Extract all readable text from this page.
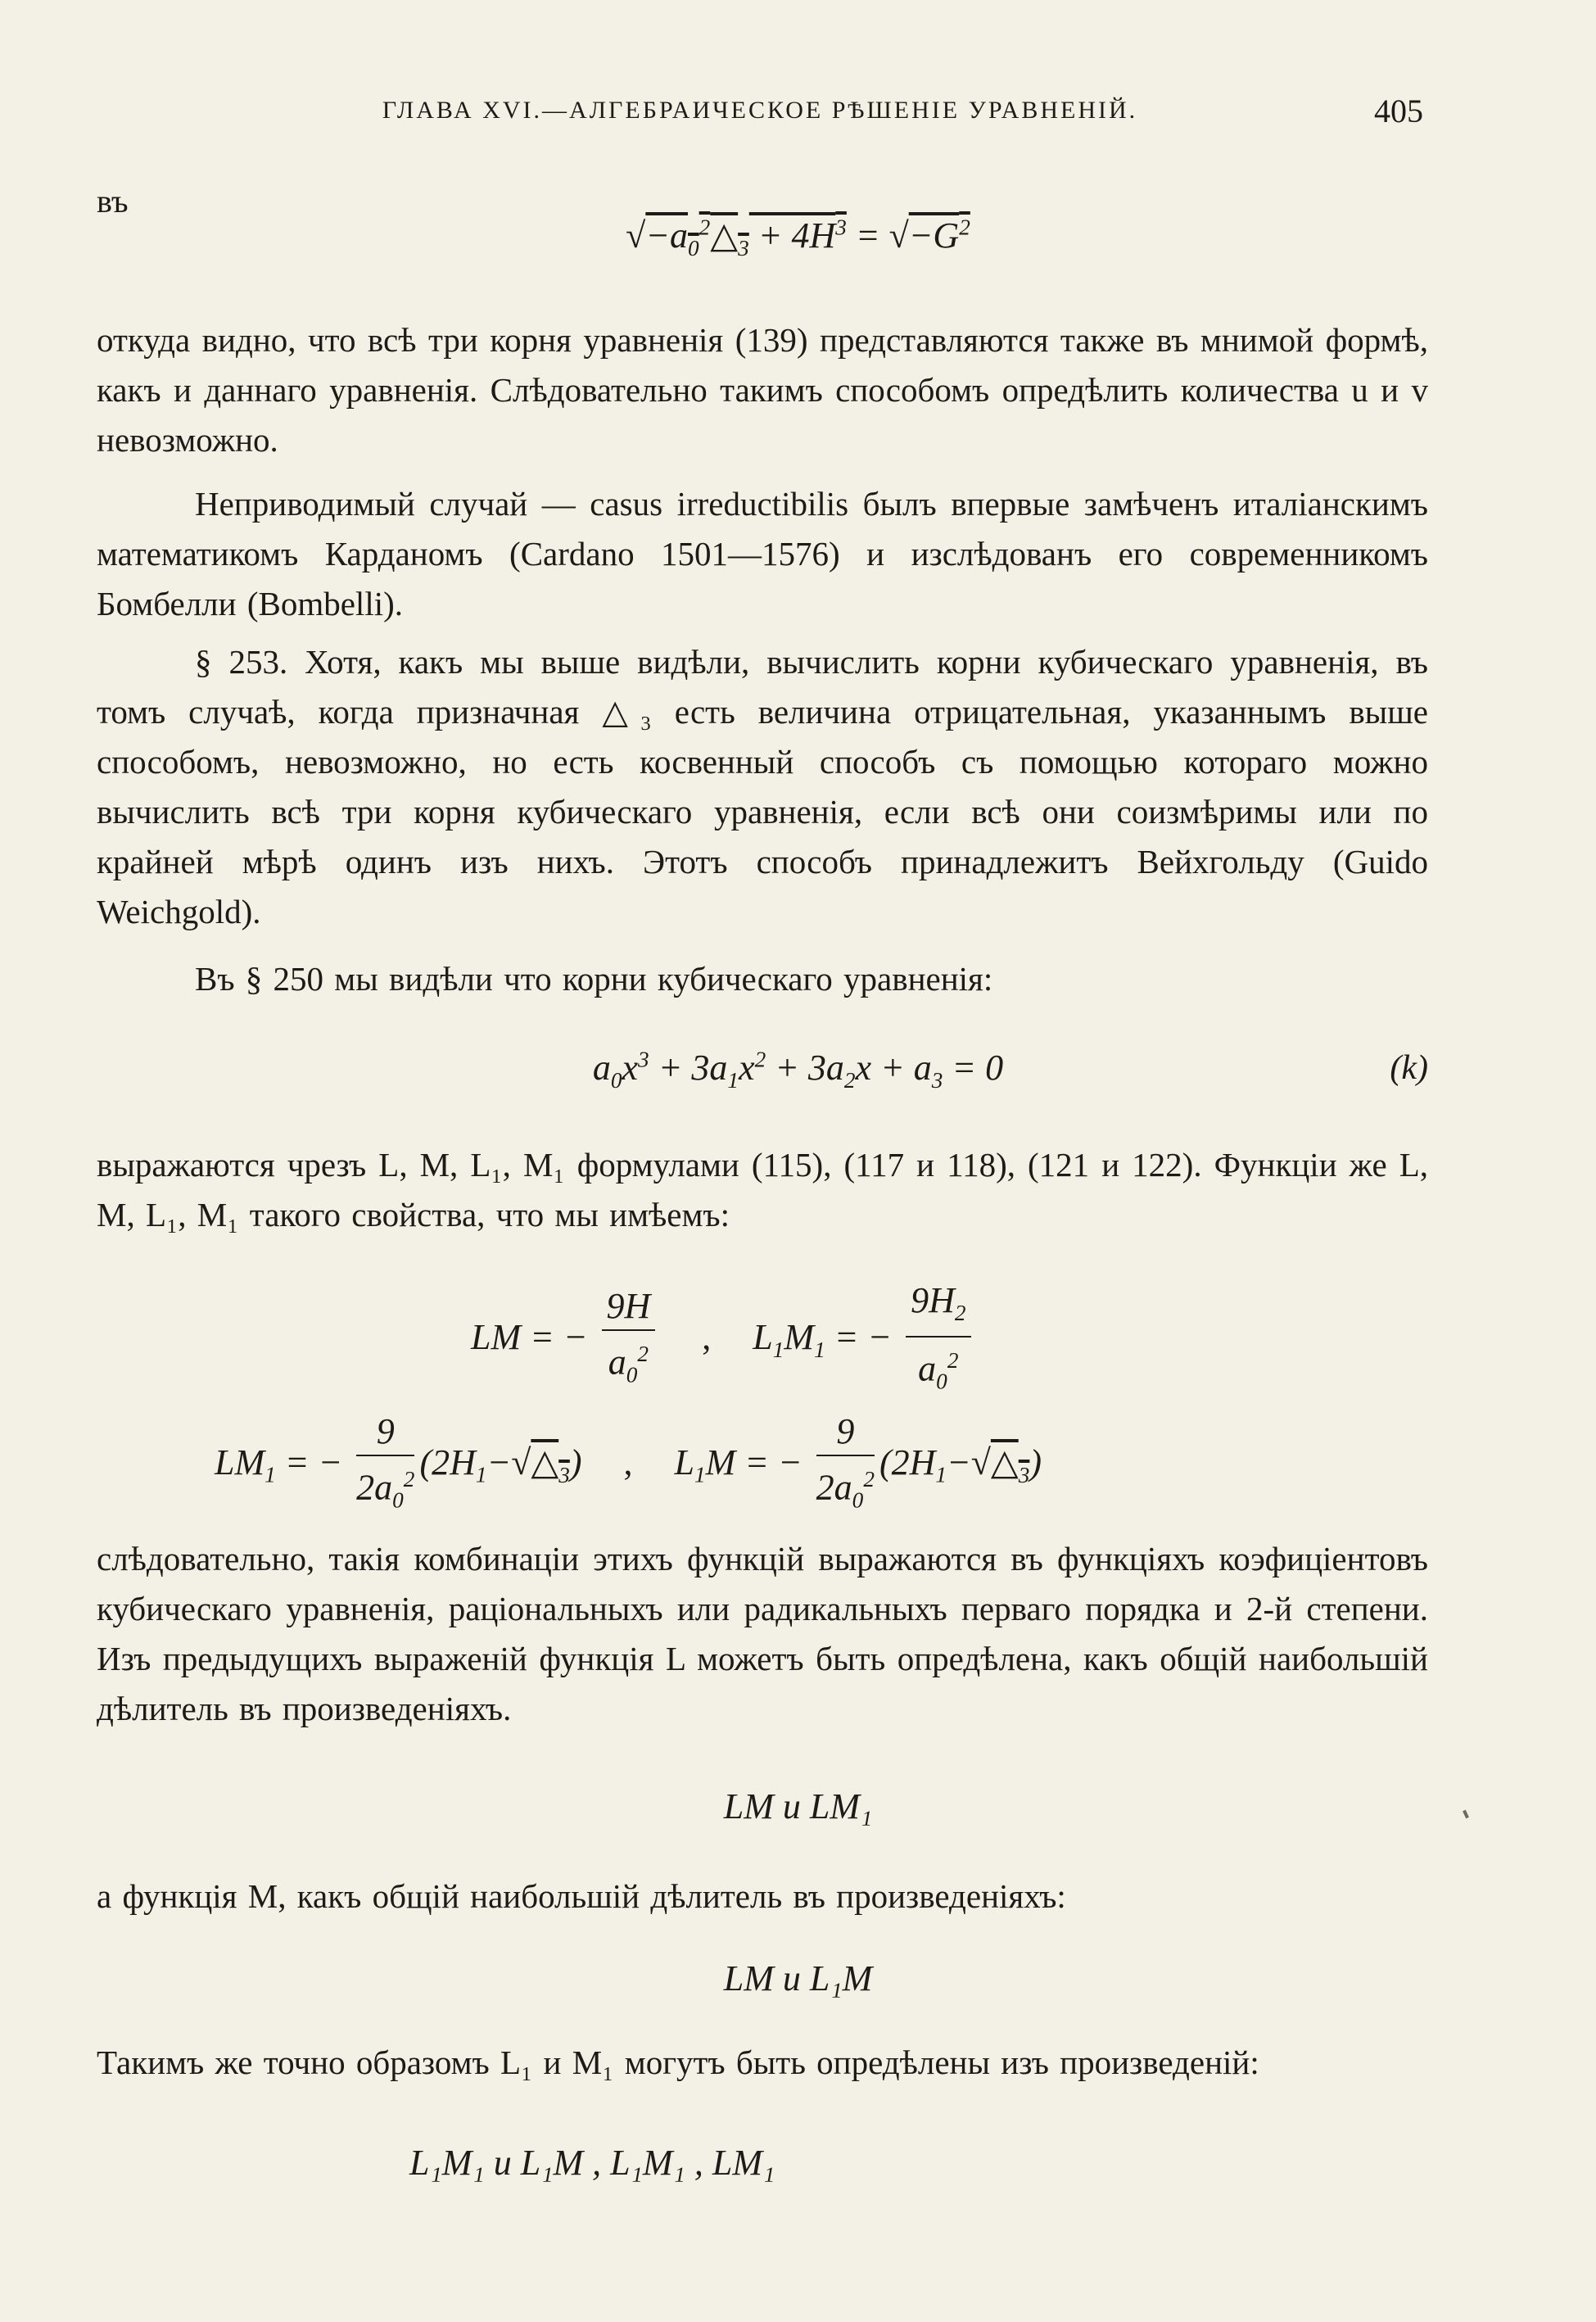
ГЛАВА XVI.—АЛГЕБРАИЧЕСКОЕ РѢШЕНІЕ УРАВНЕНІЙ.	405
въ
$√-a_0^2\triangle_3 + 4H^3 = √-G^2$
откуда видно, что всѣ три корня уравненія (139) представляются также въ мнимой формѣ, какъ и даннаго уравненія. Слѣдовательно такимъ способомъ опредѣлить количества u и v невозможно.
Неприводимый случай — casus irreductibilis былъ впервые замѣченъ италіанскимъ математикомъ Карданомъ (Cardano 1501—1576) и изслѣдованъ его современникомъ Бомбелли (Bombelli).
§ 253. Хотя, какъ мы выше видѣли, вычислить корни кубическаго уравненія, въ томъ случаѣ, когда призначная △₃ есть величина отрицательная, указаннымъ выше способомъ, невозможно, но есть косвенный способъ съ помощью котораго можно вычислить всѣ три корня кубическаго уравненія, если всѣ они соизмѣримы или по крайней мѣрѣ одинъ изъ нихъ. Этотъ способъ принадлежитъ Вейхгольду (Guido Weichgold).
Въ § 250 мы видѣли что корни кубическаго уравненія:
$a_0x^3 + 3a_1x^2 + 3a_2x + a_3 = 0$	(k)
выражаются чрезъ L, M, L₁, M₁ формулами (115), (117 и 118), (121 и 122). Функціи же L, M, L₁, M₁ такого свойства, что мы имѣемъ:
LM = − $\frac{9H}{a_0^2}$ , $L_1M_1$ = − $\frac{9H_2}{a_0^2}$
$LM_1$ = − $\frac{9}{2a_0^2}$ $(2H_1-√\triangle_3)$ , $L_1M$ = − $\frac{9}{2a_0^2}$ $(2H_1-√\triangle_3)$
слѣдовательно, такія комбинаціи этихъ функцій выражаются въ функціяхъ коэфиціентовъ кубическаго уравненія, раціональныхъ или радикальныхъ перваго порядка и 2-й степени. Изъ предыдущихъ выраженій функція L можетъ быть опредѣлена, какъ общій наибольшій дѣлитель въ произведеніяхъ.
LM и LM₁
а функція M, какъ общій наибольшій дѣлитель въ произведеніяхъ:
LM и L₁M
Такимъ же точно образомъ L₁ и M₁ могутъ быть опредѣлены изъ произведеній:
L₁M₁ и L₁M , L₁M₁ , LM₁
